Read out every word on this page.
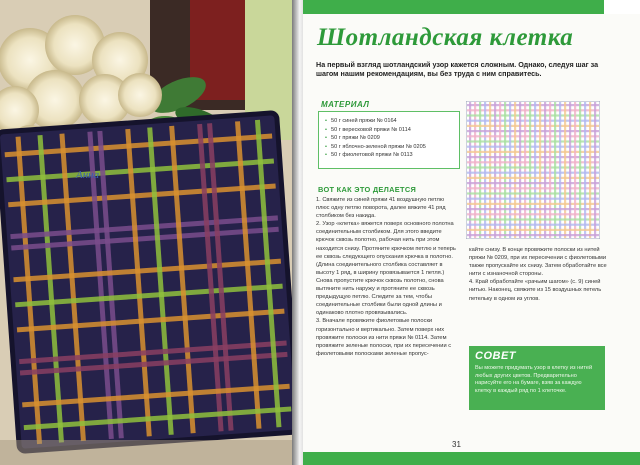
Анна
Шотландская клетка
На первый взгляд шотландский узор кажется сложным. Однако, следуя шаг за шагом нашим рекомендациям, вы без труда с ним справитесь.
МАТЕРИАЛ
• 50 г синей пряжи № 0164
• 50 г вересковой пряжи № 0114
• 50 г пряжи № 0209
• 50 г яблочно-зеленой пряжи № 0205
• 50 г фиолетовой пряжи № 0113
ВОТ КАК ЭТО ДЕЛАЕТСЯ

1. Свяжите из синей пряжи 41 воздушную петлю плюс одну петлю поворота, далее вяжите 41 ряд столбиком без накида.

2. Узор «клетка» вяжется поверх основного полотна соединительным столбиком. Для этого введите крючок сквозь полотно, рабочая нить при этом находится снизу. Протяните крючком петлю и теперь ее сквозь следующего опускания крючка в полотно. (Длина соединительного столбика составляет в высоту 1 ряд, в ширину провязывается 1 петля.) Снова пропустите крючок сквозь полотно, снова вытяните нить наружу и протяните ее сквозь предыдущую петлю. Следите за тем, чтобы соединительные столбики были одной длины и одинаково плотно провязывались.

3. Вначале провяжите фиолетовые полоски горизонтально и вертикально. Затем поверх них провяжите полоски из нити пряжи № 0114. Затем провяжите зеленые полоски, при их пересечении с фиолетовыми полосками зеленые пропус-

кайте снизу. В конце провяжите полоски из нитей пряжи № 0209, при их пересечении с фиолетовыми также пропускайте их снизу. Затем обработайте все нити с изнаночной стороны.

4. Край обработайте «рачьим шагом» (с. 9) синей нитью. Наконец, свяжите из 15 воздушных петель петельку в одном из углов.

СОВЕТ
Вы можете придумать узор в клетку из нитей любых других цветов. Предварительно нарисуйте его на бумаге, взяв за каждую клетку в каждый ряд по 1 клеточке.
31
